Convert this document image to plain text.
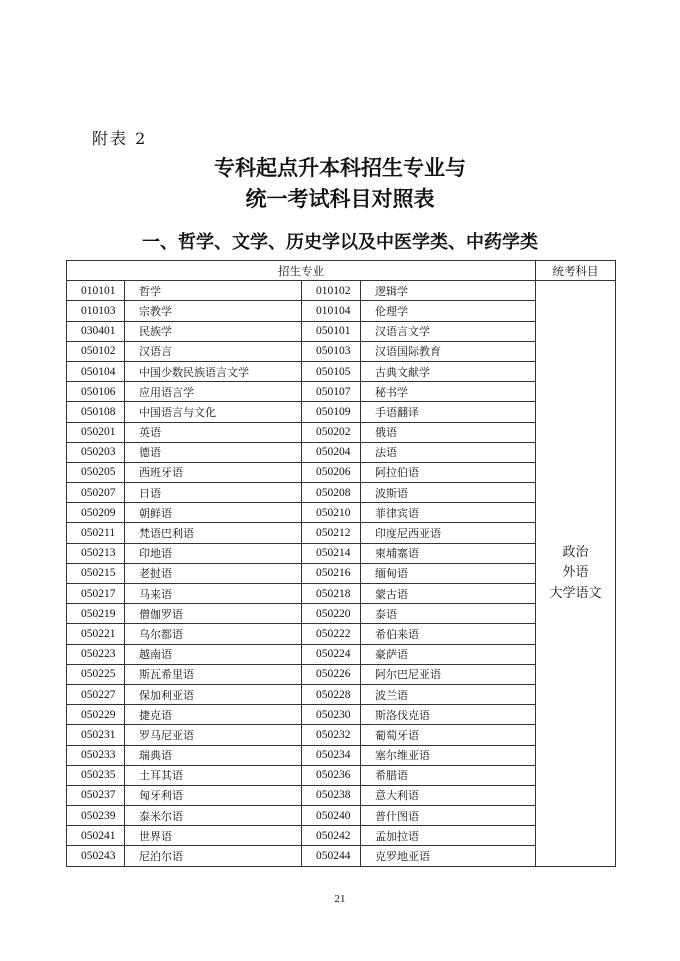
附表 2
专科起点升本科招生专业与
统一考试科目对照表
一、哲学、文学、历史学以及中医学类、中药学类
招生专业				统考科目
010101	哲学	010102	逻辑学	政治
外语
大学语文

010103	宗教学	010104	伦理学	
030401	民族学	050101	汉语言文学	
050102	汉语言	050103	汉语国际教育	
050104	中国少数民族语言文学	050105	古典文献学	
050106	应用语言学	050107	秘书学	
050108	中国语言与文化	050109	手语翻译	
050201	英语	050202	俄语	
050203	德语	050204	法语	
050205	西班牙语	050206	阿拉伯语	
050207	日语	050208	波斯语	
050209	朝鲜语	050210	菲律宾语	
050211	梵语巴利语	050212	印度尼西亚语	
050213	印地语	050214	柬埔寨语	
050215	老挝语	050216	缅甸语	
050217	马来语	050218	蒙古语	
050219	僧伽罗语	050220	泰语	
050221	乌尔都语	050222	希伯来语	
050223	越南语	050224	豪萨语	
050225	斯瓦希里语	050226	阿尔巴尼亚语	
050227	保加利亚语	050228	波兰语	
050229	捷克语	050230	斯洛伐克语	
050231	罗马尼亚语	050232	葡萄牙语	
050233	瑞典语	050234	塞尔维亚语	
050235	土耳其语	050236	希腊语	
050237	匈牙利语	050238	意大利语	
050239	泰米尔语	050240	普什图语	
050241	世界语	050242	孟加拉语	
050243	尼泊尔语	050244	克罗地亚语	
21
